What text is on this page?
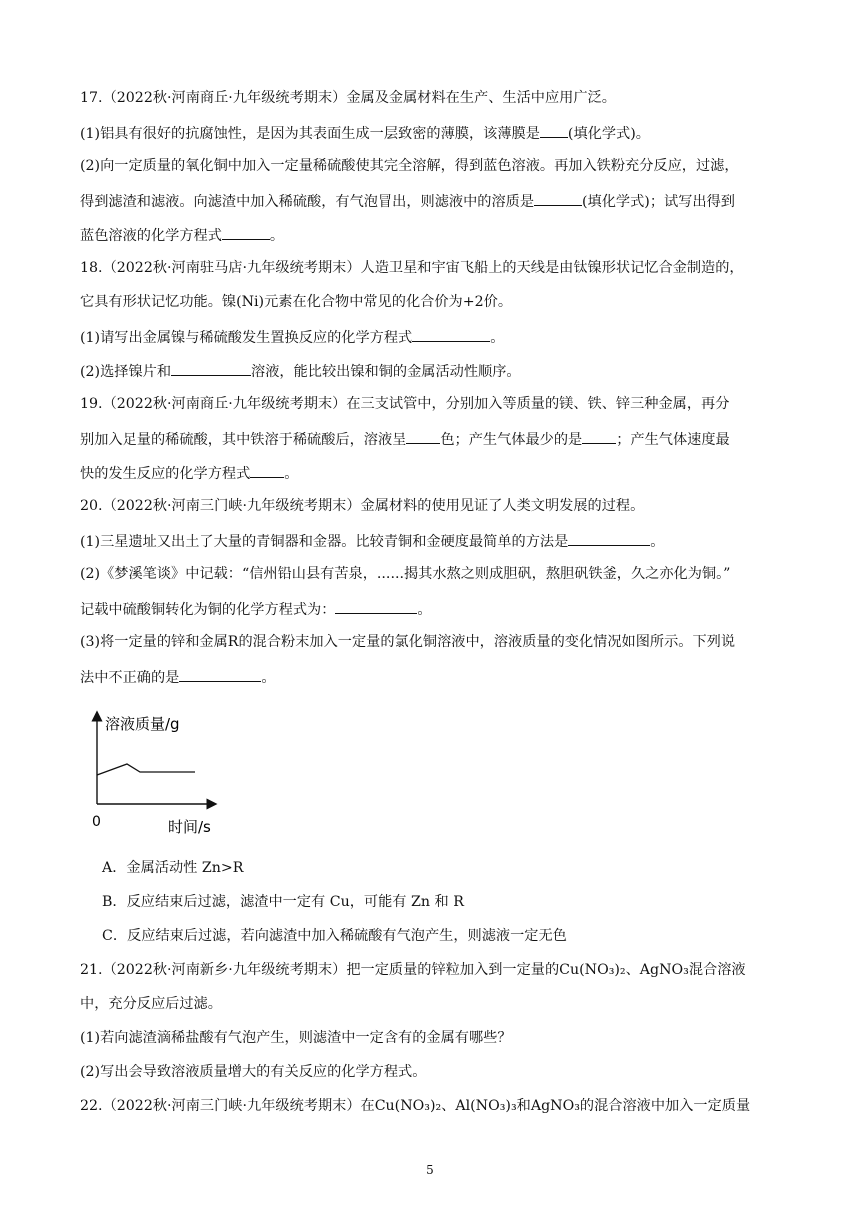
17.（2022秋·河南商丘·九年级统考期末）金属及金属材料在生产、生活中应用广泛。
(1)铝具有很好的抗腐蚀性，是因为其表面生成一层致密的薄膜，该薄膜是 (填化学式)。
(2)向一定质量的氧化铜中加入一定量稀硫酸使其完全溶解，得到蓝色溶液。再加入铁粉充分反应，过滤，
得到滤渣和滤液。向滤渣中加入稀硫酸，有气泡冒出，则滤液中的溶质是	(填化学式)；试写出得到
蓝色溶液的化学方程式	。
18.（2022秋·河南驻马店·九年级统考期末）人造卫星和宇宙飞船上的天线是由钛镍形状记忆合金制造的，
它具有形状记忆功能。镍(Ni)元素在化合物中常见的化合价为+2价。
(1)请写出金属镍与稀硫酸发生置换反应的化学方程式	。
(2)选择镍片和	溶液，能比较出镍和铜的金属活动性顺序。
19.（2022秋·河南商丘·九年级统考期末）在三支试管中，分别加入等质量的镁、铁、锌三种金属，再分
别加入足量的稀硫酸，其中铁溶于稀硫酸后，溶液呈 色；产生气体最少的是 ；产生气体速度最
快的发生反应的化学方程式 。
20.（2022秋·河南三门峡·九年级统考期末）金属材料的使用见证了人类文明发展的过程。
(1)三星遗址又出土了大量的青铜器和金器。比较青铜和金硬度最简单的方法是	。
(2)《梦溪笔谈》中记载：“信州铅山县有苦泉，......揭其水熬之则成胆矾，熬胆矾铁釜，久之亦化为铜。”
记载中硫酸铜转化为铜的化学方程式为：	。
(3)将一定量的锌和金属R的混合粉末加入一定量的氯化铜溶液中，溶液质量的变化情况如图所示。下列说
法中不正确的是	。
溶液质量/g
0	时间/s
A．金属活动性 Zn>R
B．反应结束后过滤，滤渣中一定有 Cu，可能有 Zn 和 R
C．反应结束后过滤，若向滤渣中加入稀硫酸有气泡产生，则滤液一定无色
21.（2022秋·河南新乡·九年级统考期末）把一定质量的锌粒加入到一定量的Cu(NO₃)₂、AgNO₃混合溶液
中，充分反应后过滤。
(1)若向滤渣滴稀盐酸有气泡产生，则滤渣中一定含有的金属有哪些？
(2)写出会导致溶液质量增大的有关反应的化学方程式。
22.（2022秋·河南三门峡·九年级统考期末）在Cu(NO₃)₂、Al(NO₃)₃和AgNO₃的混合溶液中加入一定质量
5
